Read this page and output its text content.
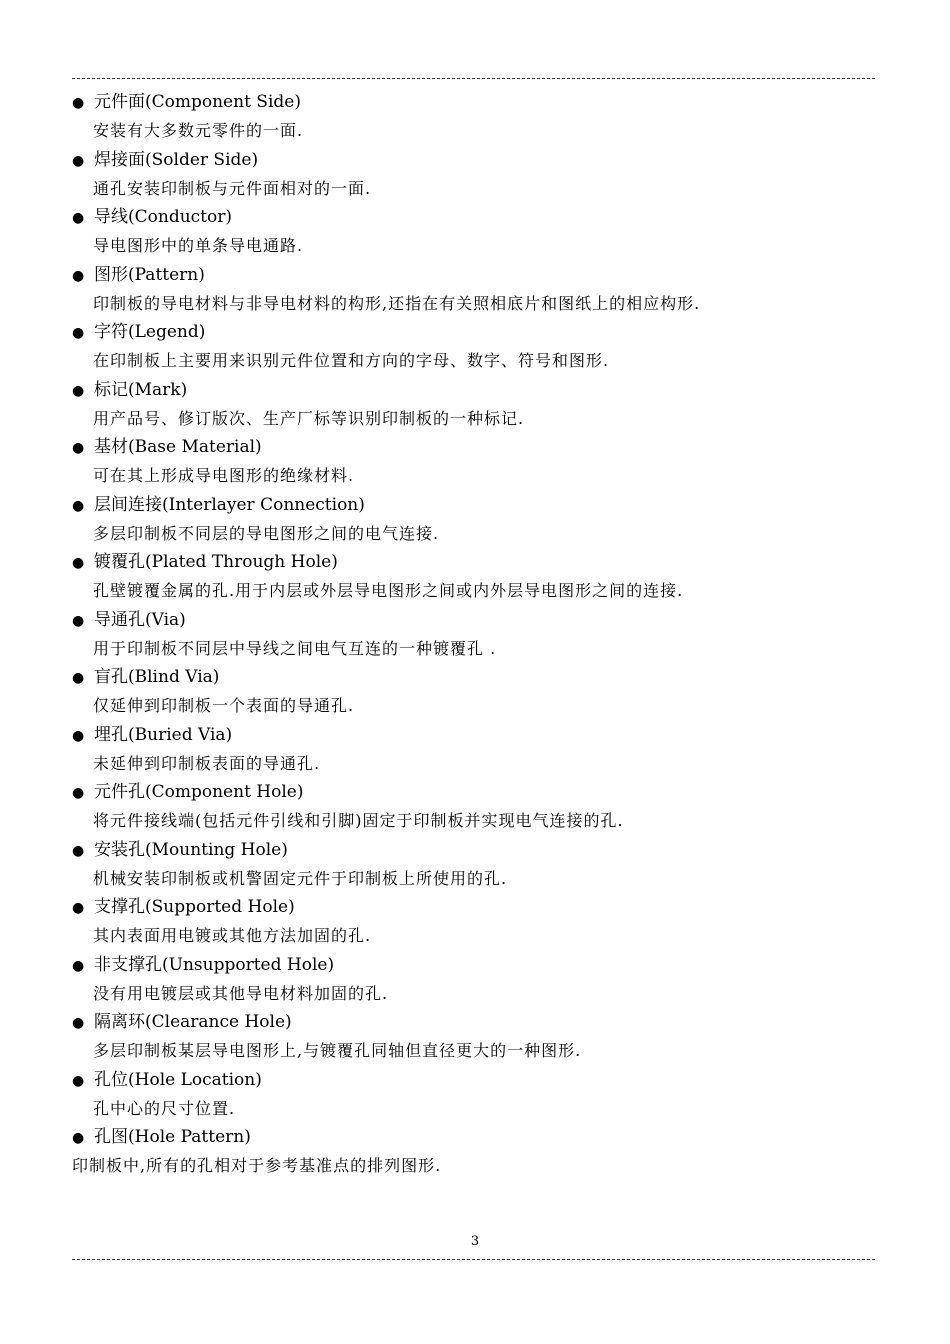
● 元件面(Component Side)
安装有大多数元零件的一面.
● 焊接面(Solder Side)
通孔安装印制板与元件面相对的一面.
● 导线(Conductor)
导电图形中的单条导电通路.
● 图形(Pattern)
印制板的导电材料与非导电材料的构形,还指在有关照相底片和图纸上的相应构形.
● 字符(Legend)
在印制板上主要用来识别元件位置和方向的字母、数字、符号和图形.
● 标记(Mark)
用产品号、修订版次、生产厂标等识别印制板的一种标记.
● 基材(Base Material)
可在其上形成导电图形的绝缘材料.
● 层间连接(Interlayer Connection)
多层印制板不同层的导电图形之间的电气连接.
● 镀覆孔(Plated Through Hole)
孔壁镀覆金属的孔.用于内层或外层导电图形之间或内外层导电图形之间的连接.
● 导通孔(Via)
用于印制板不同层中导线之间电气互连的一种镀覆孔 .
● 盲孔(Blind Via)
仅延伸到印制板一个表面的导通孔.
● 埋孔(Buried Via)
未延伸到印制板表面的导通孔.
● 元件孔(Component Hole)
将元件接线端(包括元件引线和引脚)固定于印制板并实现电气连接的孔.
● 安装孔(Mounting Hole)
机械安装印制板或机警固定元件于印制板上所使用的孔.
● 支撑孔(Supported Hole)
其内表面用电镀或其他方法加固的孔.
● 非支撑孔(Unsupported Hole)
没有用电镀层或其他导电材料加固的孔.
● 隔离环(Clearance Hole)
多层印制板某层导电图形上,与镀覆孔同轴但直径更大的一种图形.
● 孔位(Hole Location)
孔中心的尺寸位置.
● 孔图(Hole Pattern)
印制板中,所有的孔相对于参考基准点的排列图形.
3
